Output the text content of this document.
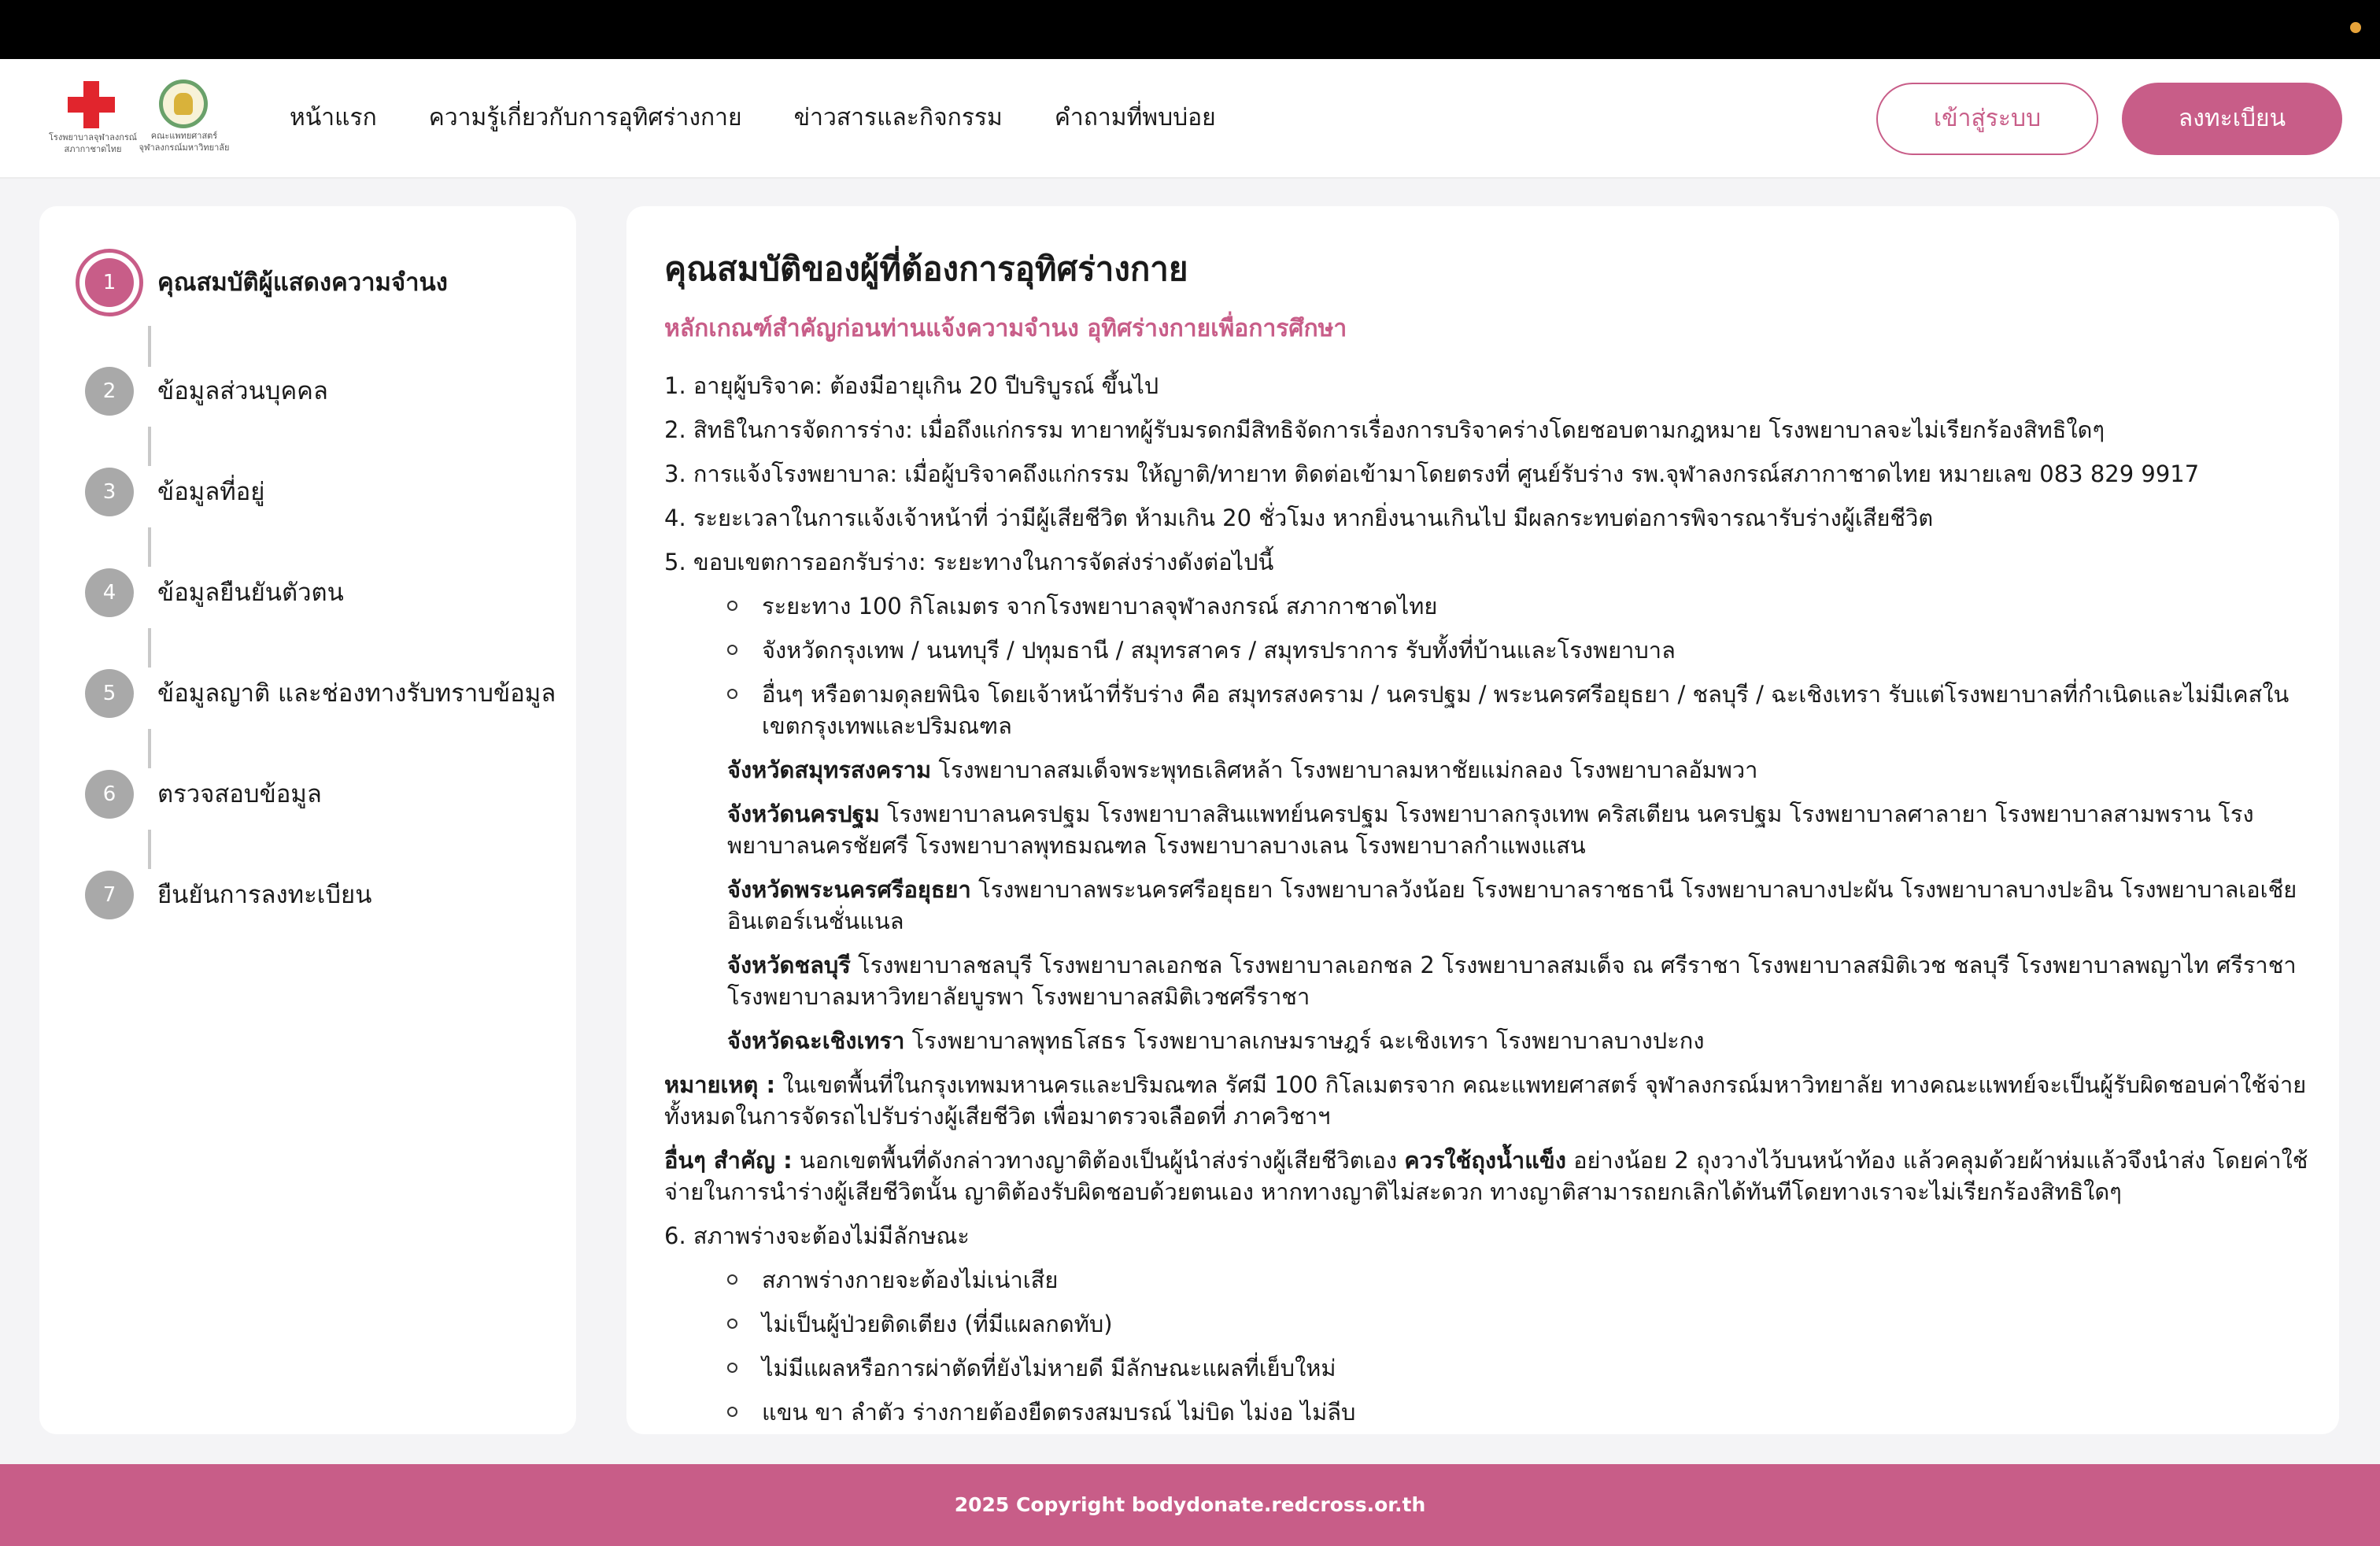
โรงพยาบาลจุฬาลงกรณ์ สภากาชาดไทย
คณะแพทยศาสตร์ จุฬาลงกรณ์มหาวิทยาลัย
หน้าแรก ความรู้เกี่ยวกับการอุทิศร่างกาย ข่าวสารและกิจกรรม คำถามที่พบบ่อย	เข้าสู่ระบบ	ลงทะเบียน
1	คุณสมบัติผู้แสดงความจำนง
2	ข้อมูลส่วนบุคคล
3	ข้อมูลที่อยู่
4	ข้อมูลยืนยันตัวตน
5	ข้อมูลญาติ และช่องทางรับทราบข้อมูล
6	ตรวจสอบข้อมูล
7	ยืนยันการลงทะเบียน
คุณสมบัติของผู้ที่ต้องการอุทิศร่างกาย
หลักเกณฑ์สำคัญก่อนท่านแจ้งความจำนง อุทิศร่างกายเพื่อการศึกษา

1. อายุผู้บริจาค: ต้องมีอายุเกิน 20 ปีบริบูรณ์ ขึ้นไป

2. สิทธิในการจัดการร่าง: เมื่อถึงแก่กรรม ทายาทผู้รับมรดกมีสิทธิจัดการเรื่องการบริจาคร่างโดยชอบตามกฎหมาย โรงพยาบาลจะไม่เรียกร้องสิทธิใดๆ

3. การแจ้งโรงพยาบาล: เมื่อผู้บริจาคถึงแก่กรรม ให้ญาติ/ทายาท ติดต่อเข้ามาโดยตรงที่ ศูนย์รับร่าง รพ.จุฬาลงกรณ์สภากาชาดไทย หมายเลข 083 829 9917

4. ระยะเวลาในการแจ้งเจ้าหน้าที่ ว่ามีผู้เสียชีวิต ห้ามเกิน 20 ชั่วโมง หากยิ่งนานเกินไป มีผลกระทบต่อการพิจารณารับร่างผู้เสียชีวิต

5. ขอบเขตการออกรับร่าง: ระยะทางในการจัดส่งร่างดังต่อไปนี้

ระยะทาง 100 กิโลเมตร จากโรงพยาบาลจุฬาลงกรณ์ สภากาชาดไทย
จังหวัดกรุงเทพ / นนทบุรี / ปทุมธานี / สมุทรสาคร / สมุทรปราการ รับทั้งที่บ้านและโรงพยาบาล
อื่นๆ หรือตามดุลยพินิจ โดยเจ้าหน้าที่รับร่าง คือ สมุทรสงคราม / นครปฐม / พระนครศรีอยุธยา / ชลบุรี / ฉะเชิงเทรา รับแต่โรงพยาบาลที่กำเนิดและไม่มีเคสในเขตกรุงเทพและปริมณฑล

จังหวัดสมุทรสงคราม โรงพยาบาลสมเด็จพระพุทธเลิศหล้า โรงพยาบาลมหาชัยแม่กลอง โรงพยาบาลอัมพวา

จังหวัดนครปฐม โรงพยาบาลนครปฐม โรงพยาบาลสินแพทย์นครปฐม โรงพยาบาลกรุงเทพ คริสเตียน นครปฐม โรงพยาบาลศาลายา โรงพยาบาลสามพราน โรงพยาบาลนครชัยศรี โรงพยาบาลพุทธมณฑล โรงพยาบาลบางเลน โรงพยาบาลกำแพงแสน

จังหวัดพระนครศรีอยุธยา โรงพยาบาลพระนครศรีอยุธยา โรงพยาบาลวังน้อย โรงพยาบาลราชธานี โรงพยาบาลบางปะผัน โรงพยาบาลบางปะอิน โรงพยาบาลเอเชียอินเตอร์เนชั่นแนล

จังหวัดชลบุรี โรงพยาบาลชลบุรี โรงพยาบาลเอกชล โรงพยาบาลเอกชล 2 โรงพยาบาลสมเด็จ ณ ศรีราชา โรงพยาบาลสมิติเวช ชลบุรี โรงพยาบาลพญาไท ศรีราชา โรงพยาบาลมหาวิทยาลัยบูรพา โรงพยาบาลสมิติเวชศรีราชา

จังหวัดฉะเชิงเทรา โรงพยาบาลพุทธโสธร โรงพยาบาลเกษมราษฎร์ ฉะเชิงเทรา โรงพยาบาลบางปะกง

หมายเหตุ : ในเขตพื้นที่ในกรุงเทพมหานครและปริมณฑล รัศมี 100 กิโลเมตรจาก คณะแพทยศาสตร์ จุฬาลงกรณ์มหาวิทยาลัย ทางคณะแพทย์จะเป็นผู้รับผิดชอบค่าใช้จ่ายทั้งหมดในการจัดรถไปรับร่างผู้เสียชีวิต เพื่อมาตรวจเลือดที่ ภาควิชาฯ

อื่นๆ สำคัญ : นอกเขตพื้นที่ดังกล่าวทางญาติต้องเป็นผู้นำส่งร่างผู้เสียชีวิตเอง ควรใช้ถุงน้ำแข็ง อย่างน้อย 2 ถุงวางไว้บนหน้าท้อง แล้วคลุมด้วยผ้าห่มแล้วจึงนำส่ง โดยค่าใช้จ่ายในการนำร่างผู้เสียชีวิตนั้น ญาติต้องรับผิดชอบด้วยตนเอง หากทางญาติไม่สะดวก ทางญาติสามารถยกเลิกได้ทันทีโดยทางเราจะไม่เรียกร้องสิทธิใดๆ

6. สภาพร่างจะต้องไม่มีลักษณะ

สภาพร่างกายจะต้องไม่เน่าเสีย
ไม่เป็นผู้ป่วยติดเตียง (ที่มีแผลกดทับ)
ไม่มีแผลหรือการผ่าตัดที่ยังไม่หายดี มีลักษณะแผลที่เย็บใหม่
แขน ขา ลำตัว ร่างกายต้องยืดตรงสมบรณ์ ไม่บิด ไม่งอ ไม่ลีบ
2025 Copyright bodydonate.redcross.or.th
